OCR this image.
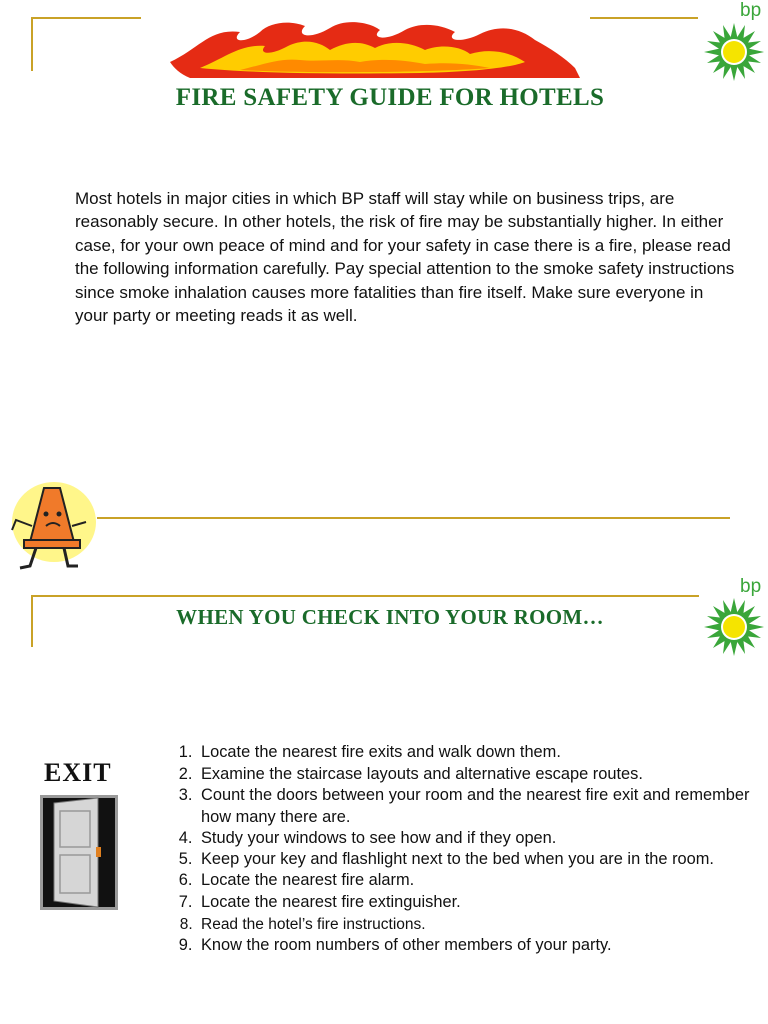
bp
FIRE SAFETY GUIDE FOR HOTELS
Most hotels in major cities in which BP staff will stay while on business trips, are reasonably secure. In other hotels, the risk of fire may be substantially higher. In either case, for your own peace of mind and for your safety in case there is a fire, please read the following information carefully. Pay special attention to the smoke safety instructions since smoke inhalation causes more fatalities than fire itself. Make sure everyone in your party or meeting reads it as well.
bp
WHEN YOU CHECK INTO YOUR ROOM…
EXIT
1. Locate the nearest fire exits and walk down them.
2. Examine the staircase layouts and alternative escape routes.
3. Count the doors between your room and the nearest fire exit and remember how many there are.
4. Study your windows to see how and if they open.
5. Keep your key and flashlight next to the bed when you are in the room.
6. Locate the nearest fire alarm.
7. Locate the nearest fire extinguisher.
8. Read the hotel’s fire instructions.
9. Know the room numbers of other members of your party.
